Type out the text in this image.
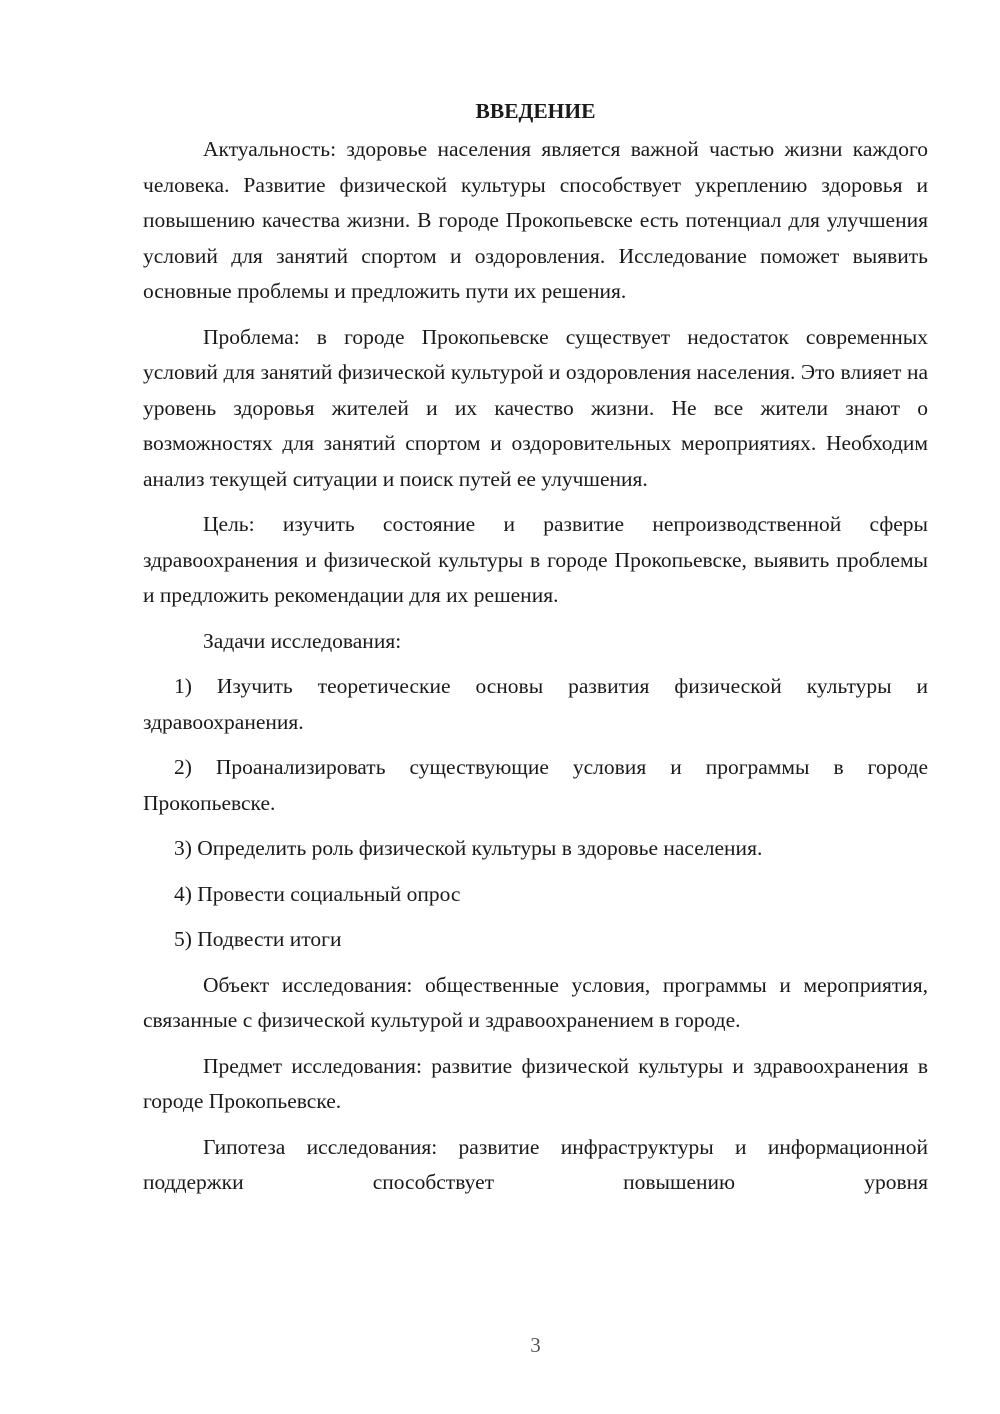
ВВЕДЕНИЕ

Актуальность: здоровье населения является важной частью жизни каждого человека. Развитие физической культуры способствует укреплению здоровья и повышению качества жизни. В городе Прокопьевске есть потенциал для улучшения условий для занятий спортом и оздоровления. Исследование поможет выявить основные проблемы и предложить пути их решения.

Проблема: в городе Прокопьевске существует недостаток современных условий для занятий физической культурой и оздоровления населения. Это влияет на уровень здоровья жителей и их качество жизни. Не все жители знают о возможностях для занятий спортом и оздоровительных мероприятиях. Необходим анализ текущей ситуации и поиск путей ее улучшения.

Цель: изучить состояние и развитие непроизводственной сферы здравоохранения и физической культуры в городе Прокопьевске, выявить проблемы и предложить рекомендации для их решения.

Задачи исследования:

1) Изучить теоретические основы развития физической культуры и здравоохранения.

2) Проанализировать существующие условия и программы в городе Прокопьевске.

3) Определить роль физической культуры в здоровье населения.

4) Провести социальный опрос

5) Подвести итоги

Объект исследования: общественные условия, программы и мероприятия, связанные с физической культурой и здравоохранением в городе.

Предмет исследования: развитие физической культуры и здравоохранения в городе Прокопьевске.

Гипотеза исследования: развитие инфраструктуры и информационной поддержки способствует повышению уровня

3
